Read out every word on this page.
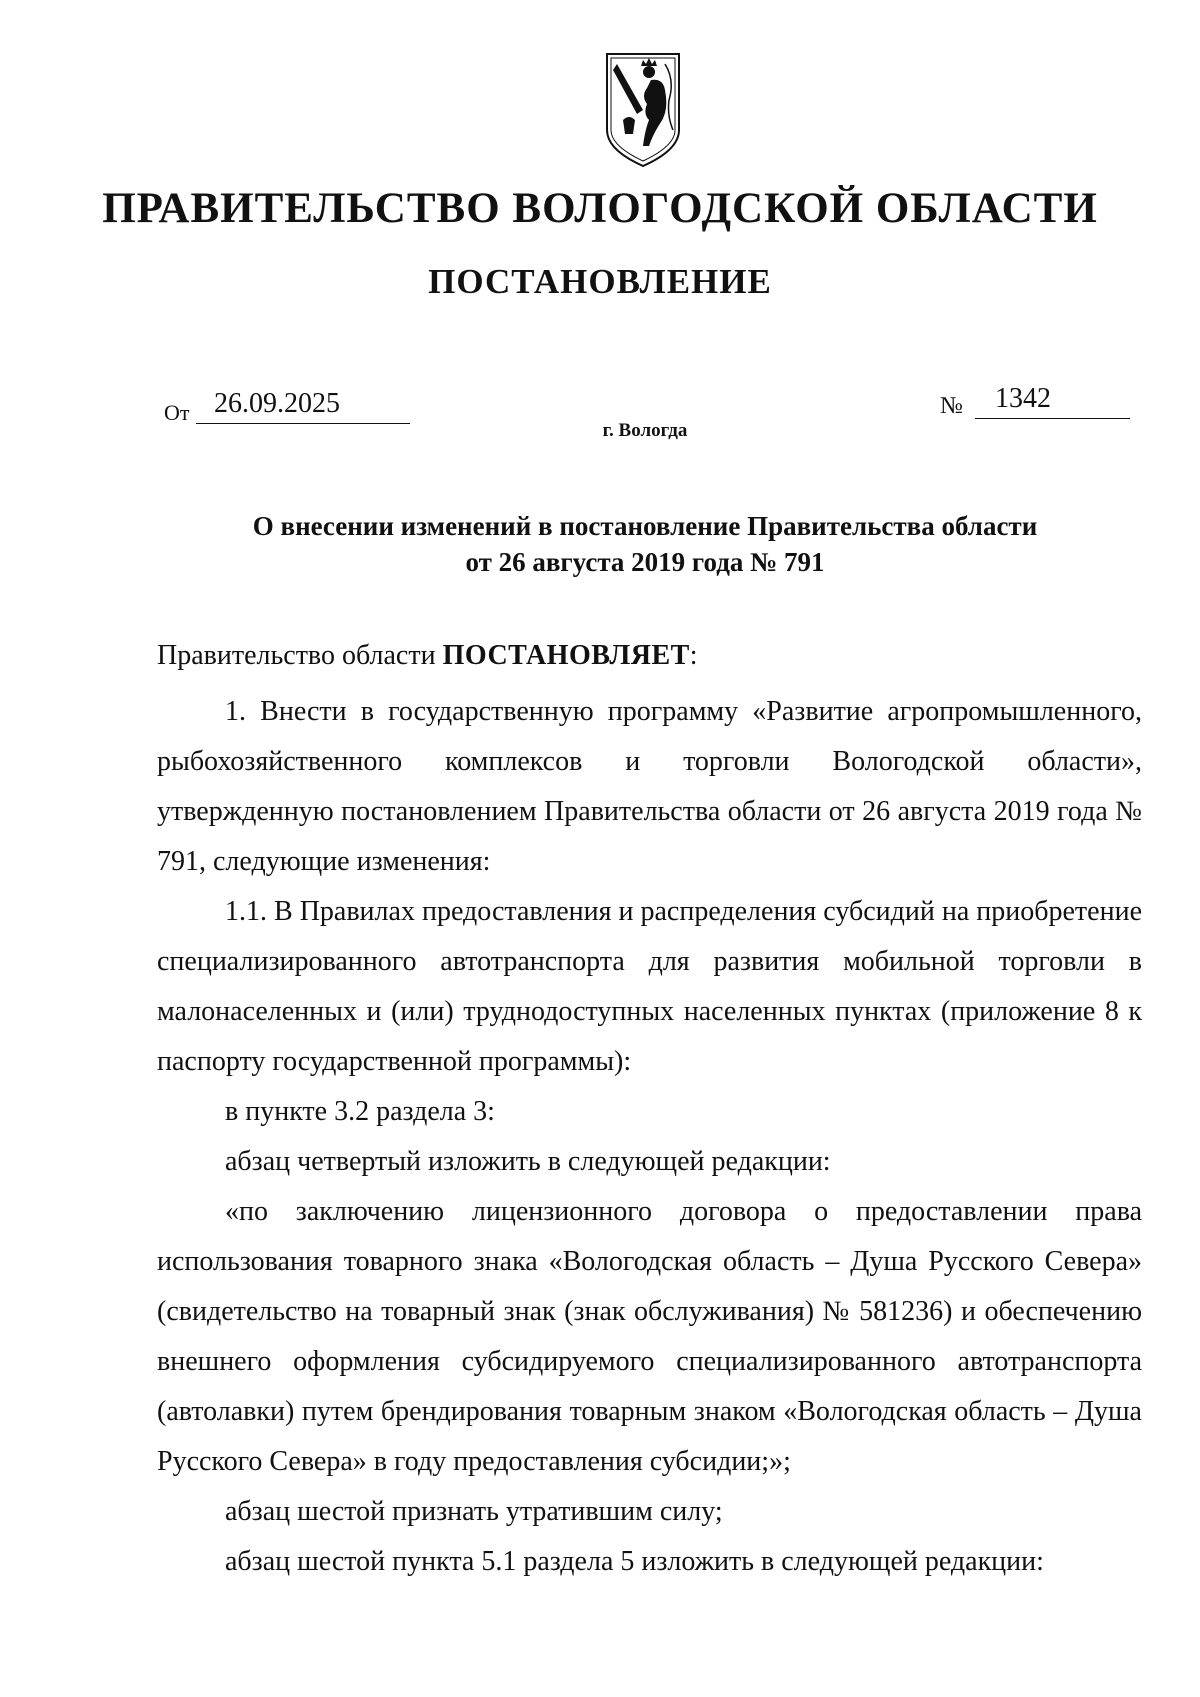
ПРАВИТЕЛЬСТВО ВОЛОГОДСКОЙ ОБЛАСТИ
ПОСТАНОВЛЕНИЕ
От 26.09.2025	№	1342
г. Вологда
О внесении изменений в постановление Правительства области
от 26 августа 2019 года № 791

Правительство области ПОСТАНОВЛЯЕТ:

1. Внести в государственную программу «Развитие агропромышленного, рыбохозяйственного комплексов и торговли Вологодской области», утвержденную постановлением Правительства области от 26 августа 2019 года № 791, следующие изменения:

1.1. В Правилах предоставления и распределения субсидий на приобретение специализированного автотранспорта для развития мобильной торговли в малонаселенных и (или) труднодоступных населенных пунктах (приложение 8 к паспорту государственной программы):

в пункте 3.2 раздела 3:

абзац четвертый изложить в следующей редакции:

«по заключению лицензионного договора о предоставлении права использования товарного знака «Вологодская область – Душа Русского Севера» (свидетельство на товарный знак (знак обслуживания) № 581236) и обеспечению внешнего оформления субсидируемого специализированного автотранспорта (автолавки) путем брендирования товарным знаком «Вологодская область – Душа Русского Севера» в году предоставления субсидии;»;

абзац шестой признать утратившим силу;

абзац шестой пункта 5.1 раздела 5 изложить в следующей редакции:
